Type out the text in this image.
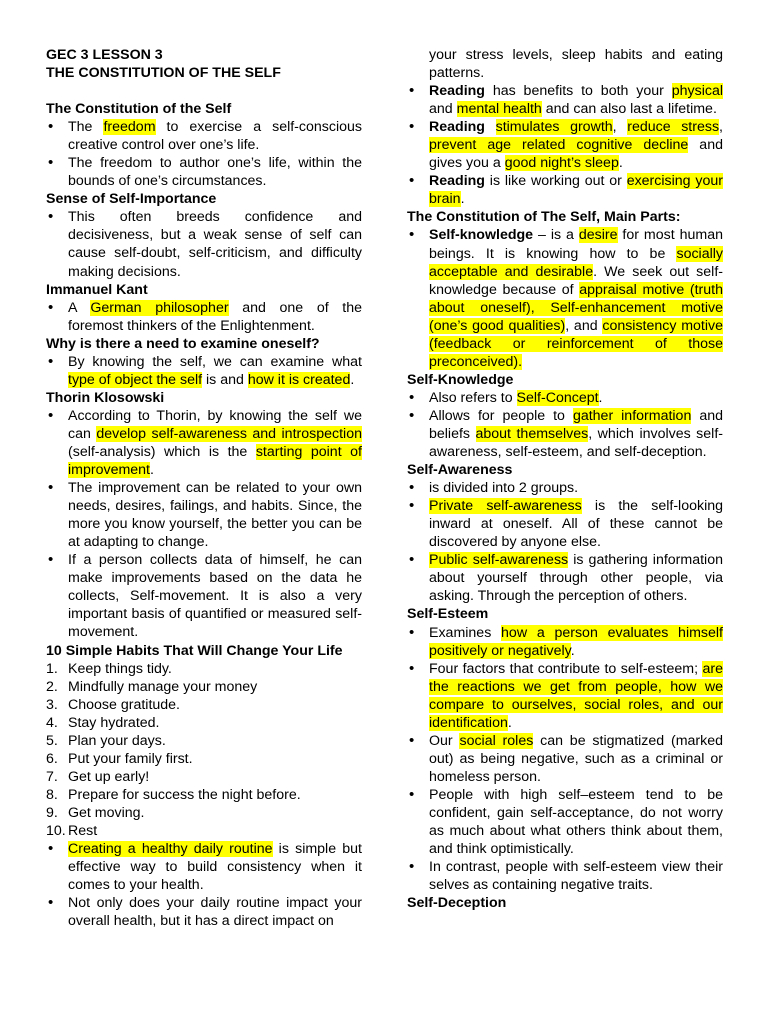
GEC 3 LESSON 3
THE CONSTITUTION OF THE SELF
The Constitution of the Self
•	The freedom to exercise a self-conscious creative control over one’s life.
•	The freedom to author one’s life, within the bounds of one’s circumstances.
Sense of Self-Importance
•	This often breeds confidence and decisiveness, but a weak sense of self can cause self-doubt, self-criticism, and difficulty making decisions.
Immanuel Kant
•	A German philosopher and one of the foremost thinkers of the Enlightenment.
Why is there a need to examine oneself?
•	By knowing the self, we can examine what type of object the self is and how it is created.
Thorin Klosowski
•	According to Thorin, by knowing the self we can develop self-awareness and introspection (self-analysis) which is the starting point of improvement.
•	The improvement can be related to your own needs, desires, failings, and habits. Since, the more you know yourself, the better you can be at adapting to change.
•	If a person collects data of himself, he can make improvements based on the data he collects, Self-movement. It is also a very important basis of quantified or measured self-movement.
10 Simple Habits That Will Change Your Life
1. Keep things tidy.
2. Mindfully manage your money
3. Choose gratitude.
4. Stay hydrated.
5. Plan your days.
6. Put your family first.
7. Get up early!
8. Prepare for success the night before.
9. Get moving.
10. Rest
•	Creating a healthy daily routine is simple but effective way to build consistency when it comes to your health.
•	Not only does your daily routine impact your overall health, but it has a direct impact on
your stress levels, sleep habits and eating patterns.
•	Reading has benefits to both your physical and mental health and can also last a lifetime.
•	Reading stimulates growth, reduce stress, prevent age related cognitive decline and gives you a good night’s sleep.
•	Reading is like working out or exercising your brain.
The Constitution of The Self, Main Parts:
•	Self-knowledge – is a desire for most human beings. It is knowing how to be socially acceptable and desirable. We seek out self-knowledge because of appraisal motive (truth about oneself), Self-enhancement motive (one’s good qualities), and consistency motive (feedback or reinforcement of those preconceived).
Self-Knowledge
•	Also refers to Self-Concept.
•	Allows for people to gather information and beliefs about themselves, which involves self-awareness, self-esteem, and self-deception.
Self-Awareness
•	is divided into 2 groups.
•	Private self-awareness is the self-looking inward at oneself. All of these cannot be discovered by anyone else.
•	Public self-awareness is gathering information about yourself through other people, via asking. Through the perception of others.
Self-Esteem
•	Examines how a person evaluates himself positively or negatively.
•	Four factors that contribute to self-esteem; are the reactions we get from people, how we compare to ourselves, social roles, and our identification.
•	Our social roles can be stigmatized (marked out) as being negative, such as a criminal or homeless person.
•	People with high self–esteem tend to be confident, gain self-acceptance, do not worry as much about what others think about them, and think optimistically.
•	In contrast, people with self-esteem view their selves as containing negative traits.
Self-Deception
